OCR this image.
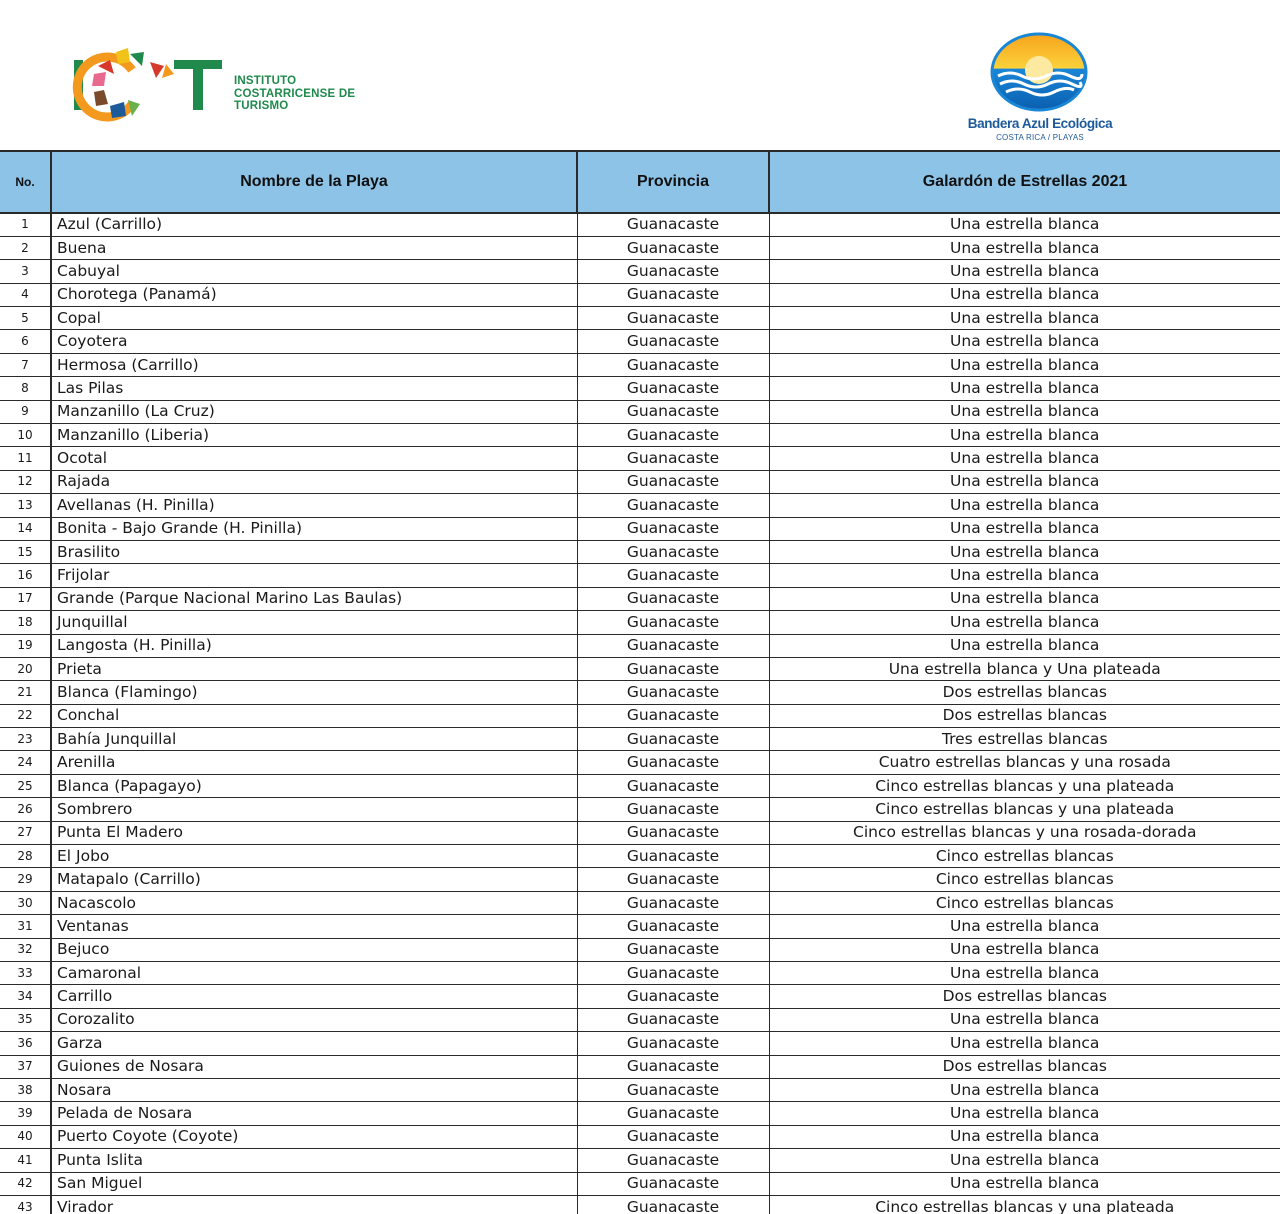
INSTITUTO
COSTARRICENSE DE
TURISMO
Bandera Azul Ecológica
COSTA RICA / PLAYAS
No.	Nombre de la Playa	Provincia	Galardón de Estrellas 2021
1	Azul (Carrillo)	Guanacaste	Una estrella blanca
2	Buena	Guanacaste	Una estrella blanca
3	Cabuyal	Guanacaste	Una estrella blanca
4	Chorotega (Panamá)	Guanacaste	Una estrella blanca
5	Copal	Guanacaste	Una estrella blanca
6	Coyotera	Guanacaste	Una estrella blanca
7	Hermosa (Carrillo)	Guanacaste	Una estrella blanca
8	Las Pilas	Guanacaste	Una estrella blanca
9	Manzanillo (La Cruz)	Guanacaste	Una estrella blanca
10	Manzanillo (Liberia)	Guanacaste	Una estrella blanca
11	Ocotal	Guanacaste	Una estrella blanca
12	Rajada	Guanacaste	Una estrella blanca
13	Avellanas (H. Pinilla)	Guanacaste	Una estrella blanca
14	Bonita - Bajo Grande (H. Pinilla)	Guanacaste	Una estrella blanca
15	Brasilito	Guanacaste	Una estrella blanca
16	Frijolar	Guanacaste	Una estrella blanca
17	Grande (Parque Nacional Marino Las Baulas)	Guanacaste	Una estrella blanca
18	Junquillal	Guanacaste	Una estrella blanca
19	Langosta (H. Pinilla)	Guanacaste	Una estrella blanca
20	Prieta	Guanacaste	Una estrella blanca y Una plateada
21	Blanca (Flamingo)	Guanacaste	Dos estrellas blancas
22	Conchal	Guanacaste	Dos estrellas blancas
23	Bahía Junquillal	Guanacaste	Tres estrellas blancas
24	Arenilla	Guanacaste	Cuatro estrellas blancas y una rosada
25	Blanca (Papagayo)	Guanacaste	Cinco estrellas blancas y una plateada
26	Sombrero	Guanacaste	Cinco estrellas blancas y una plateada
27	Punta El Madero	Guanacaste	Cinco estrellas blancas y una rosada-dorada
28	El Jobo	Guanacaste	Cinco estrellas blancas
29	Matapalo (Carrillo)	Guanacaste	Cinco estrellas blancas
30	Nacascolo	Guanacaste	Cinco estrellas blancas
31	Ventanas	Guanacaste	Una estrella blanca
32	Bejuco	Guanacaste	Una estrella blanca
33	Camaronal	Guanacaste	Una estrella blanca
34	Carrillo	Guanacaste	Dos estrellas blancas
35	Corozalito	Guanacaste	Una estrella blanca
36	Garza	Guanacaste	Una estrella blanca
37	Guiones de Nosara	Guanacaste	Dos estrellas blancas
38	Nosara	Guanacaste	Una estrella blanca
39	Pelada de Nosara	Guanacaste	Una estrella blanca
40	Puerto Coyote (Coyote)	Guanacaste	Una estrella blanca
41	Punta Islita	Guanacaste	Una estrella blanca
42	San Miguel	Guanacaste	Una estrella blanca
43	Virador	Guanacaste	Cinco estrellas blancas y una plateada
